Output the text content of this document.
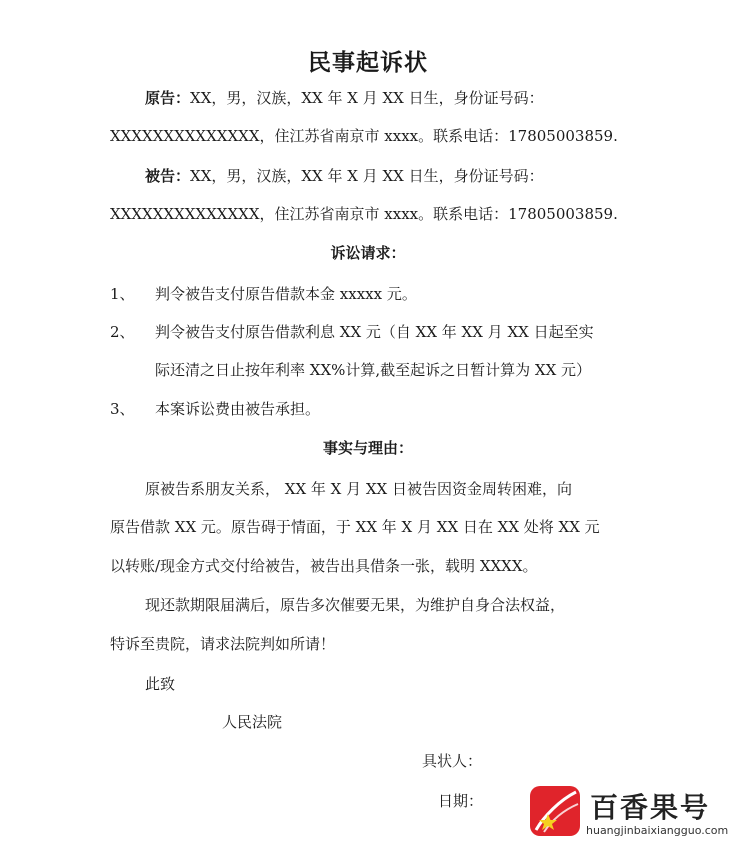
民事起诉状
原告：XX，男，汉族，XX 年 X 月 XX 日生，身份证号码：
XXXXXXXXXXXXXX，住江苏省南京市 xxxx。联系电话：17805003859.
被告：XX，男，汉族，XX 年 X 月 XX 日生，身份证号码：
XXXXXXXXXXXXXX，住江苏省南京市 xxxx。联系电话：17805003859.
诉讼请求：
1、 判令被告支付原告借款本金 xxxxx 元。
2、 判令被告支付原告借款利息 XX 元（自 XX 年 XX 月 XX 日起至实
际还清之日止按年利率 XX%计算,截至起诉之日暂计算为 XX 元）
3、 本案诉讼费由被告承担。
事实与理由：
原被告系朋友关系， XX 年 X 月 XX 日被告因资金周转困难，向
原告借款 XX 元。原告碍于情面，于 XX 年 X 月 XX 日在 XX 处将 XX 元
以转账/现金方式交付给被告，被告出具借条一张，载明 XXXX。
现还款期限届满后，原告多次催要无果，为维护自身合法权益，
特诉至贵院，请求法院判如所请！
此致
人民法院
具状人：
日期：	百香果号
huangjinbaixiangguo.com
